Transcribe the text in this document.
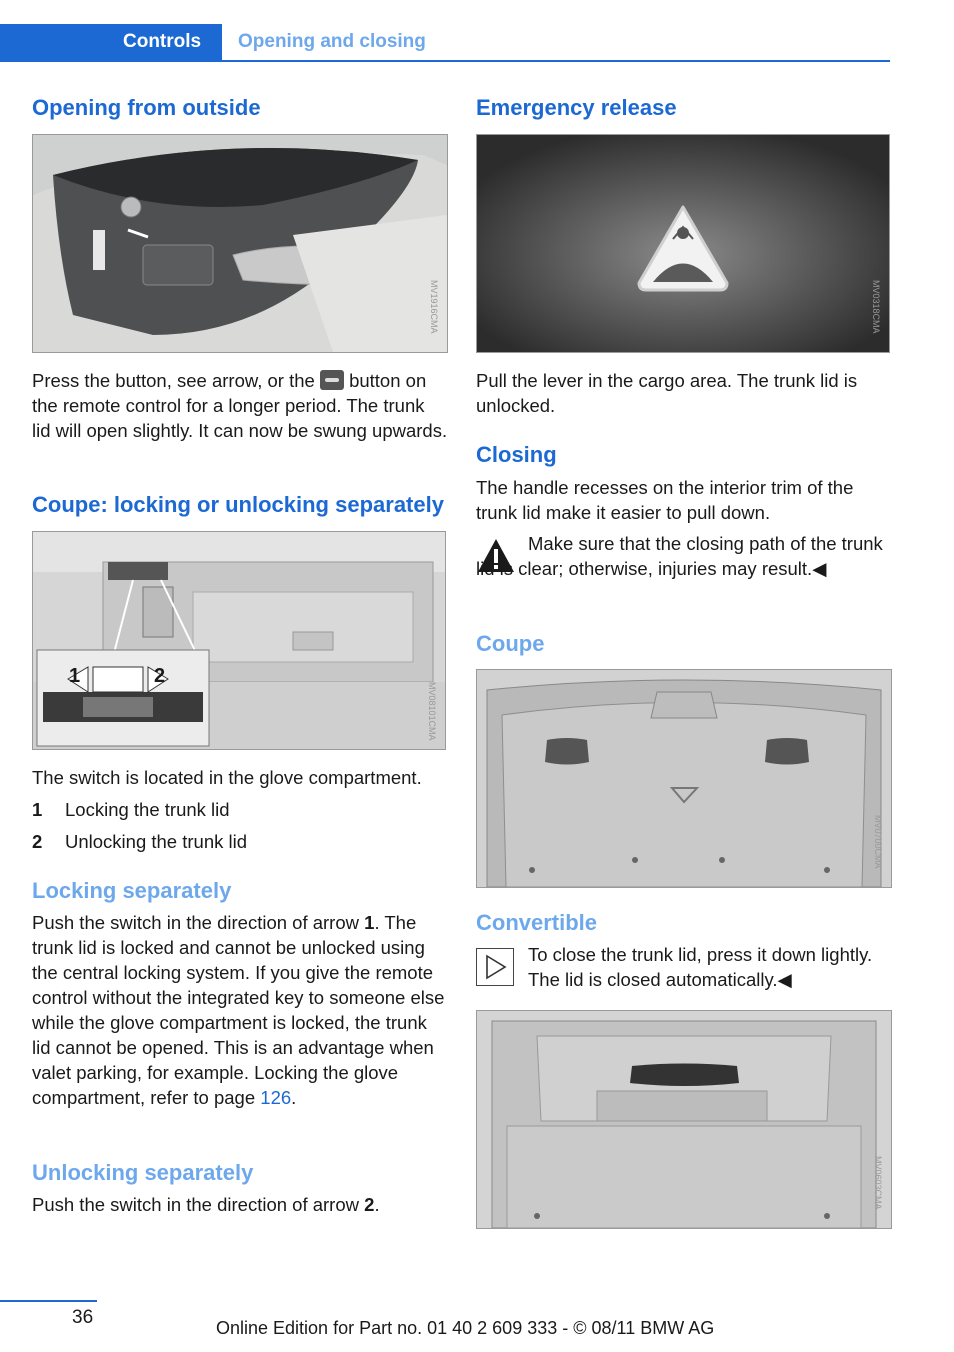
Controls Opening and closing
Opening from outside
MV1916CMA

Press the button, see arrow, or the button on the remote control for a longer period. The trunk lid will open slightly. It can now be swung upwards.

Coupe: locking or unlocking separately
1	2
MV08101CMA

The switch is located in the glove compartment.

1 Locking the trunk lid
2 Unlocking the trunk lid
Locking separately

Push the switch in the direction of arrow 1. The trunk lid is locked and cannot be unlocked using the central locking system. If you give the remote control without the integrated key to someone else while the glove compartment is locked, the trunk lid cannot be opened. This is an advantage when valet parking, for example. Locking the glove compartment, refer to page 126.

Unlocking separately

Push the switch in the direction of arrow 2.

Emergency release
MV0318CMA

Pull the lever in the cargo area. The trunk lid is unlocked.

Closing

The handle recesses on the interior trim of the trunk lid make it easier to pull down.

Make sure that the closing path of the trunk lid is clear; otherwise, injuries may result.◀

Coupe
MV0700CMA
Convertible

To close the trunk lid, press it down lightly. The lid is closed automatically.◀

MV0603CMA
36	Online Edition for Part no. 01 40 2 609 333 - © 08/11 BMW AG
